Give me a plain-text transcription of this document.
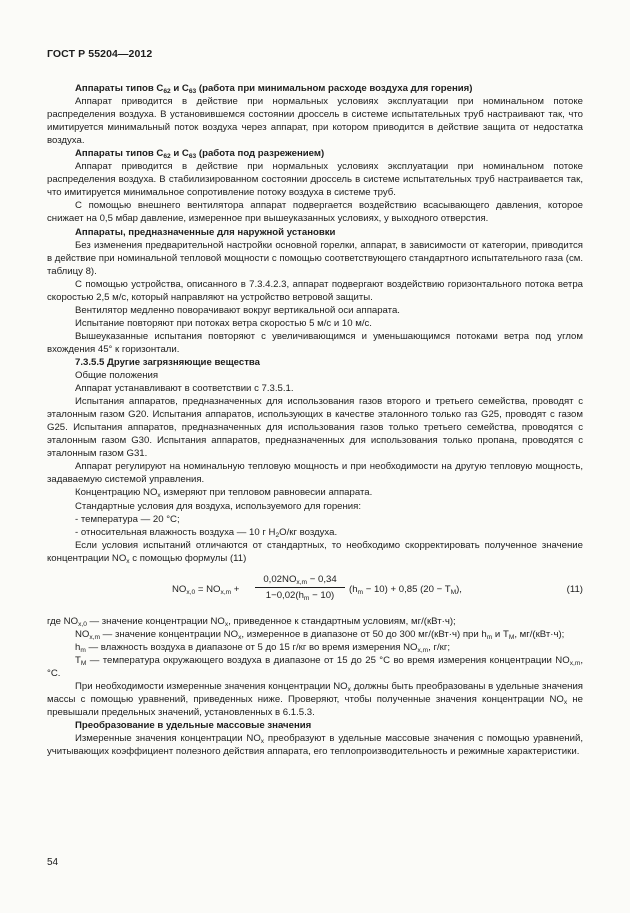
ГОСТ Р 55204—2012

Аппараты типов $C_{62}$ и $C_{63}$ (работа при минимальном расходе воздуха для горения)

Аппарат приводится в действие при нормальных условиях эксплуатации при номинальном потоке распределения воздуха. В установившемся состоянии дроссель в системе испытательных труб настраивают так, что имитируется минимальный поток воздуха через аппарат, при котором приводится в действие защита от недостатка воздуха.

Аппараты типов $C_{62}$ и $C_{63}$ (работа под разрежением)

Аппарат приводится в действие при нормальных условиях эксплуатации при номинальном потоке распределения воздуха. В стабилизированном состоянии дроссель в системе испытательных труб настраивается так, что имитируется минимальное сопротивление потоку воздуха в системе труб.

С помощью внешнего вентилятора аппарат подвергается воздействию всасывающего давления, которое снижает на 0,5 мбар давление, измеренное при вышеуказанных условиях, у выходного отверстия.

Аппараты, предназначенные для наружной установки

Без изменения предварительной настройки основной горелки, аппарат, в зависимости от категории, приводится в действие при номинальной тепловой мощности с помощью соответствующего стандартного испытательного газа (см. таблицу 8).

С помощью устройства, описанного в 7.3.4.2.3, аппарат подвергают воздействию горизонтального потока ветра скоростью 2,5 м/с, который направляют на устройство ветровой защиты.

Вентилятор медленно поворачивают вокруг вертикальной оси аппарата.

Испытание повторяют при потоках ветра скоростью 5 м/с и 10 м/с.

Вышеуказанные испытания повторяют с увеличивающимся и уменьшающимся потоками ветра под углом вхождения 45° к горизонтали.

7.3.5.5 Другие загрязняющие вещества

Общие положения

Аппарат устанавливают в соответствии с 7.3.5.1.

Испытания аппаратов, предназначенных для использования газов второго и третьего семейства, проводят с эталонным газом G20. Испытания аппаратов, использующих в качестве эталонного только газ G25, проводят с газом G25. Испытания аппаратов, предназначенных для использования газов только третьего семейства, проводятся с эталонным газом G30. Испытания аппаратов, предназначенных для использования только пропана, проводятся с эталонным газом G31.

Аппарат регулируют на номинальную тепловую мощность и при необходимости на другую тепловую мощность, задаваемую системой управления.

Концентрацию $NO_x$ измеряют при тепловом равновесии аппарата.

Стандартные условия для воздуха, используемого для горения:

- температура — 20 °C;

- относительная влажность воздуха — 10 г $H_2O/кг$ воздуха.

Если условия испытаний отличаются от стандартных, то необходимо скорректировать полученное значение концентрации $NO_x$ с помощью формулы (11)

$NO_{x,0} = NO_{x,m}$ +
$0,02NO_{x,m} - 0,34$
$1-0,02(h_m - 10)$
$(h_m - 10) + 0,85$ $(20 - T_M)$,	(11)

где $NO_{x,0}$ — значение концентрации $NO_x$, приведенное к стандартным условиям, мг/(кВт·ч);

$NO_{x,m}$ — значение концентрации $NO_x$, измеренное в диапазоне от 50 до 300 мг/(кВт·ч) при $h_m$ и $T_M$, мг/(кВт·ч);

$h_m$ — влажность воздуха в диапазоне от 5 до 15 г/кг во время измерения $NO_{x,m}$, г/кг;

$T_M$ — температура окружающего воздуха в диапазоне от 15 до 25 °C во время измерения концентрации $NO_{x,m}$, °C.

При необходимости измеренные значения концентрации $NO_x$ должны быть преобразованы в удельные значения массы с помощью уравнений, приведенных ниже. Проверяют, чтобы полученные значения концентрации $NO_x$ не превышали предельных значений, установленных в 6.1.5.3.

Преобразование в удельные массовые значения

Измеренные значения концентрации $NO_x$ преобразуют в удельные массовые значения с помощью уравнений, учитывающих коэффициент полезного действия аппарата, его теплопроизводительность и режимные характеристики.

54
